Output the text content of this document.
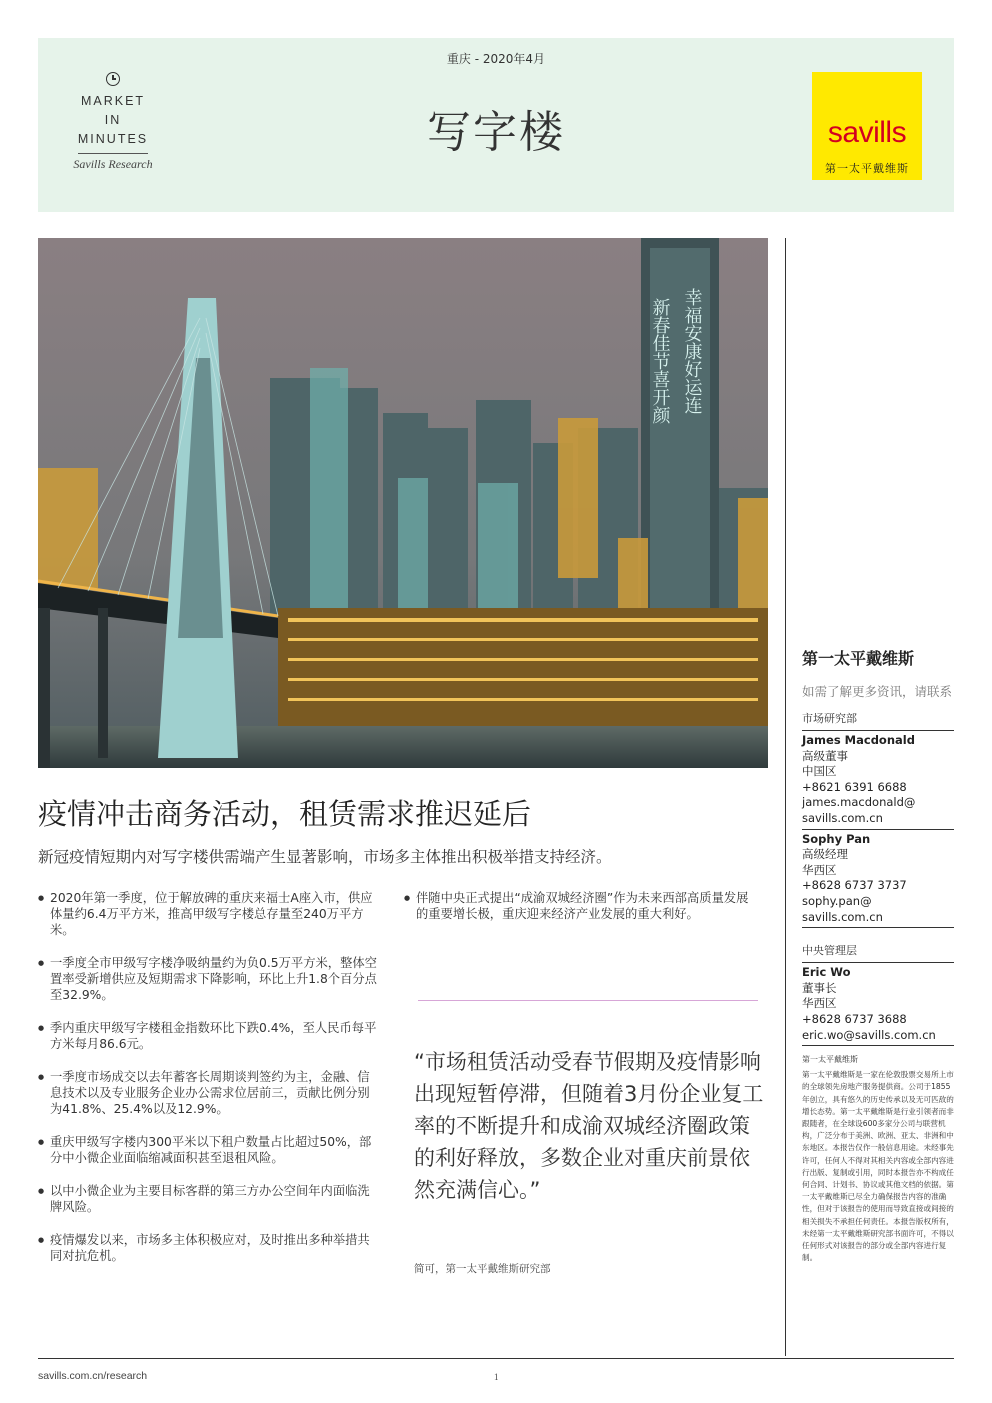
MARKET
IN
MINUTES
Savills Research
重庆 - 2020年4月
写字楼	savills
第一太平戴维斯
新春佳节喜开颜 幸福安康好运连
疫情冲击商务活动，租赁需求推迟延后
新冠疫情短期内对写字楼供需端产生显著影响，市场多主体推出积极举措支持经济。
● 2020年第一季度，位于解放碑的重庆来福士A座入市，供应体量约6.4万平方米，推高甲级写字楼总存量至240万平方米。
● 一季度全市甲级写字楼净吸纳量约为负0.5万平方米，整体空置率受新增供应及短期需求下降影响，环比上升1.8个百分点至32.9%。
● 季内重庆甲级写字楼租金指数环比下跌0.4%，至人民币每平方米每月86.6元。
● 一季度市场成交以去年蓄客长周期谈判签约为主，金融、信息技术以及专业服务企业办公需求位居前三，贡献比例分别为41.8%、25.4%以及12.9%。
● 重庆甲级写字楼内300平米以下租户数量占比超过50%，部分中小微企业面临缩减面积甚至退租风险。
● 以中小微企业为主要目标客群的第三方办公空间年内面临洗牌风险。
● 疫情爆发以来，市场多主体积极应对，及时推出多种举措共同对抗危机。
● 伴随中央正式提出“成渝双城经济圈”作为未来西部高质量发展的重要增长极，重庆迎来经济产业发展的重大利好。
“市场租赁活动受春节假期及疫情影响出现短暂停滞，但随着3月份企业复工率的不断提升和成渝双城经济圈政策的利好释放，多数企业对重庆前景依然充满信心。”
简可，第一太平戴维斯研究部
第一太平戴维斯
如需了解更多资讯，请联系
市场研究部
James Macdonald
高级董事
中国区
+8621 6391 6688
james.macdonald@
savills.com.cn
Sophy Pan
高级经理
华西区
+8628 6737 3737
sophy.pan@
savills.com.cn
中央管理层
Eric Wo
董事长
华西区
+8628 6737 3688
eric.wo@savills.com.cn
第一太平戴维斯
第一太平戴维斯是一家在伦敦股票交易所上市的全球领先房地产服务提供商。公司于1855年创立，具有悠久的历史传承以及无可匹敌的增长态势。第一太平戴维斯是行业引领者而非跟随者，在全球设600多家分公司与联营机构，广泛分布于美洲、欧洲、亚太、非洲和中东地区。本报告仅作一般信息用途。未经事先许可，任何人不得对其相关内容或全部内容进行出版、复制或引用，同时本报告亦不构成任何合同、计划书、协议或其他文档的依据。第一太平戴维斯已尽全力确保报告内容的准确性，但对于该报告的使用而导致直接或间接的相关损失不承担任何责任。本报告版权所有，未经第一太平戴维斯研究部书面许可，不得以任何形式对该报告的部分或全部内容进行复制。
savills.com.cn/research	1
